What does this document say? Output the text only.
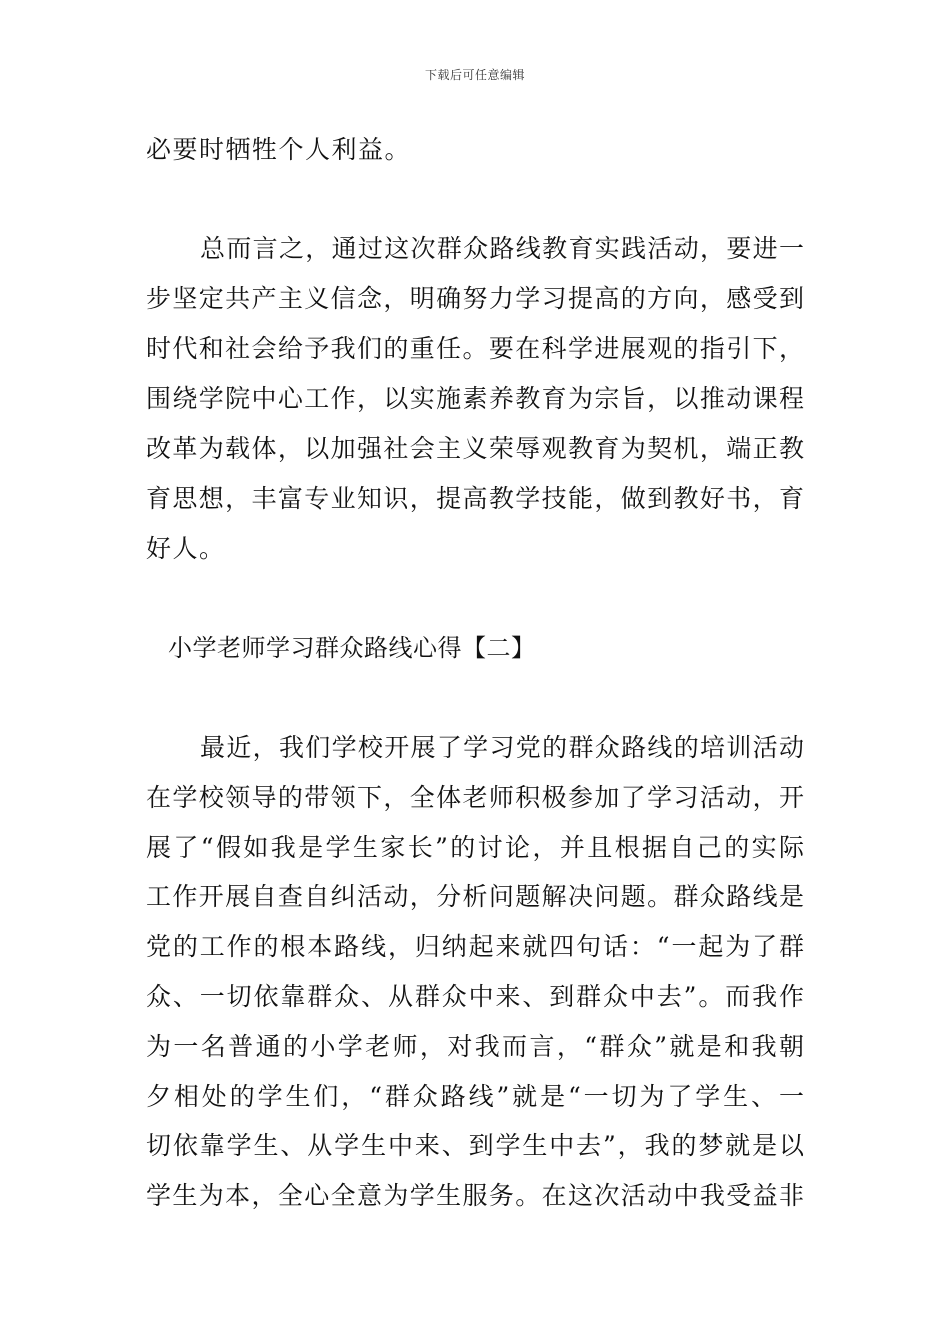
下载后可任意编辑
必要时牺牲个人利益。
总而言之，通过这次群众路线教育实践活动，要进一
步坚定共产主义信念，明确努力学习提高的方向，感受到
时代和社会给予我们的重任。要在科学进展观的指引下，
围绕学院中心工作，以实施素养教育为宗旨，以推动课程
改革为载体，以加强社会主义荣辱观教育为契机，端正教
育思想，丰富专业知识，提高教学技能，做到教好书，育
好人。
小学老师学习群众路线心得【二】
最近，我们学校开展了学习党的群众路线的培训活动
在学校领导的带领下，全体老师积极参加了学习活动，开
展了“假如我是学生家长”的讨论，并且根据自己的实际
工作开展自查自纠活动，分析问题解决问题。群众路线是
党的工作的根本路线，归纳起来就四句话：“一起为了群
众、一切依靠群众、从群众中来、到群众中去”。而我作
为一名普通的小学老师，对我而言，“群众”就是和我朝
夕相处的学生们，“群众路线”就是“一切为了学生、一
切依靠学生、从学生中来、到学生中去”，我的梦就是以
学生为本，全心全意为学生服务。在这次活动中我受益非
